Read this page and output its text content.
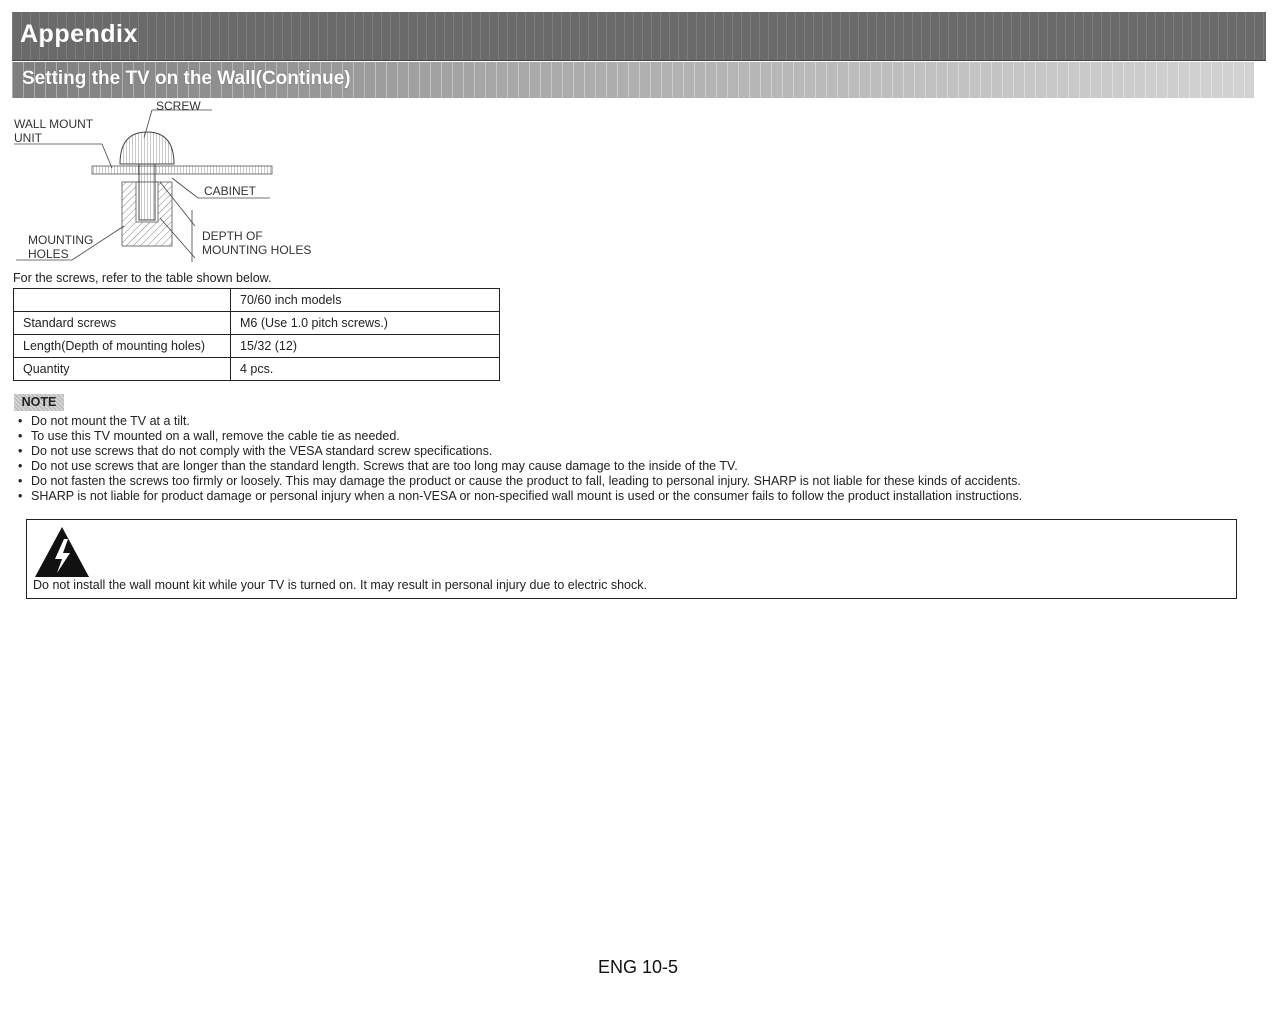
Appendix
Setting the TV on the Wall(Continue)
SCREW
WALL MOUNT
UNIT
CABINET
MOUNTING
HOLES
DEPTH OF
MOUNTING HOLES
For the screws, refer to the table shown below.
	70/60 inch models
Standard screws	M6 (Use 1.0 pitch screws.)
Length(Depth of mounting holes)	15/32 (12)
Quantity	4 pcs.
NOTE
• Do not mount the TV at a tilt.
• To use this TV mounted on a wall, remove the cable tie as needed.
• Do not use screws that do not comply with the VESA standard screw specifications.
• Do not use screws that are longer than the standard length. Screws that are too long may cause damage to the inside of the TV.
• Do not fasten the screws too firmly or loosely. This may damage the product or cause the product to fall, leading to personal injury. SHARP is not liable for these kinds of accidents.
• SHARP is not liable for product damage or personal injury when a non-VESA or non-specified wall mount is used or the consumer fails to follow the product installation instructions.
Do not install the wall mount kit while your TV is turned on. It may result in personal injury due to electric shock.
ENG 10-5
